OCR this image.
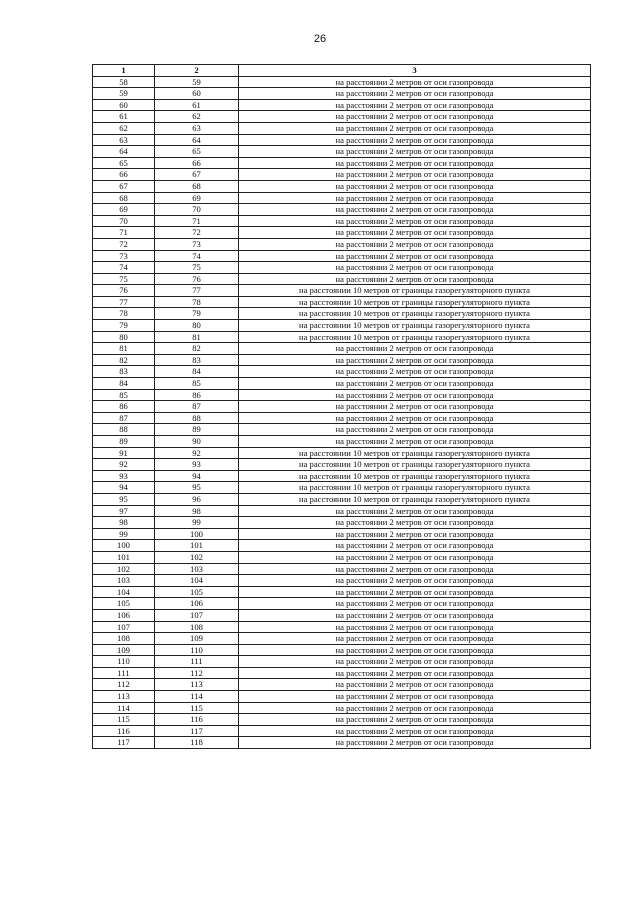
26
1	2	3
58	59	на расстоянии 2 метров от оси газопровода
59	60	на расстоянии 2 метров от оси газопровода
60	61	на расстоянии 2 метров от оси газопровода
61	62	на расстоянии 2 метров от оси газопровода
62	63	на расстоянии 2 метров от оси газопровода
63	64	на расстоянии 2 метров от оси газопровода
64	65	на расстоянии 2 метров от оси газопровода
65	66	на расстоянии 2 метров от оси газопровода
66	67	на расстоянии 2 метров от оси газопровода
67	68	на расстоянии 2 метров от оси газопровода
68	69	на расстоянии 2 метров от оси газопровода
69	70	на расстоянии 2 метров от оси газопровода
70	71	на расстоянии 2 метров от оси газопровода
71	72	на расстоянии 2 метров от оси газопровода
72	73	на расстоянии 2 метров от оси газопровода
73	74	на расстоянии 2 метров от оси газопровода
74	75	на расстоянии 2 метров от оси газопровода
75	76	на расстоянии 2 метров от оси газопровода
76	77	на расстоянии 10 метров от границы газорегуляторного пункта
77	78	на расстоянии 10 метров от границы газорегуляторного пункта
78	79	на расстоянии 10 метров от границы газорегуляторного пункта
79	80	на расстоянии 10 метров от границы газорегуляторного пункта
80	81	на расстоянии 10 метров от границы газорегуляторного пункта
81	82	на расстоянии 2 метров от оси газопровода
82	83	на расстоянии 2 метров от оси газопровода
83	84	на расстоянии 2 метров от оси газопровода
84	85	на расстоянии 2 метров от оси газопровода
85	86	на расстоянии 2 метров от оси газопровода
86	87	на расстоянии 2 метров от оси газопровода
87	88	на расстоянии 2 метров от оси газопровода
88	89	на расстоянии 2 метров от оси газопровода
89	90	на расстоянии 2 метров от оси газопровода
91	92	на расстоянии 10 метров от границы газорегуляторного пункта
92	93	на расстоянии 10 метров от границы газорегуляторного пункта
93	94	на расстоянии 10 метров от границы газорегуляторного пункта
94	95	на расстоянии 10 метров от границы газорегуляторного пункта
95	96	на расстоянии 10 метров от границы газорегуляторного пункта
97	98	на расстоянии 2 метров от оси газопровода
98	99	на расстоянии 2 метров от оси газопровода
99	100	на расстоянии 2 метров от оси газопровода
100	101	на расстоянии 2 метров от оси газопровода
101	102	на расстоянии 2 метров от оси газопровода
102	103	на расстоянии 2 метров от оси газопровода
103	104	на расстоянии 2 метров от оси газопровода
104	105	на расстоянии 2 метров от оси газопровода
105	106	на расстоянии 2 метров от оси газопровода
106	107	на расстоянии 2 метров от оси газопровода
107	108	на расстоянии 2 метров от оси газопровода
108	109	на расстоянии 2 метров от оси газопровода
109	110	на расстоянии 2 метров от оси газопровода
110	111	на расстоянии 2 метров от оси газопровода
111	112	на расстоянии 2 метров от оси газопровода
112	113	на расстоянии 2 метров от оси газопровода
113	114	на расстоянии 2 метров от оси газопровода
114	115	на расстоянии 2 метров от оси газопровода
115	116	на расстоянии 2 метров от оси газопровода
116	117	на расстоянии 2 метров от оси газопровода
117	118	на расстоянии 2 метров от оси газопровода
